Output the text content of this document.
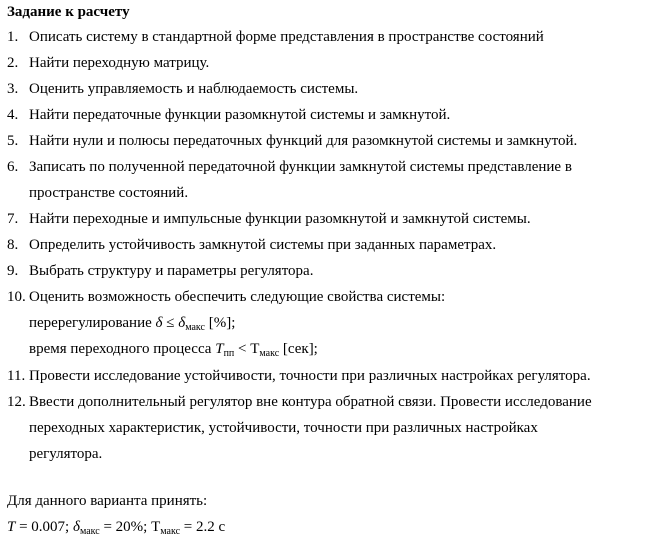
Задание к расчету
1. Описать систему в стандартной форме представления в пространстве состояний
2. Найти переходную матрицу.
3. Оценить управляемость и наблюдаемость системы.
4. Найти передаточные функции разомкнутой системы и замкнутой.
5. Найти нули и полюсы передаточных функций для разомкнутой системы и замкнутой.
6. Записать по полученной передаточной функции замкнутой системы представление в
пространстве состояний.
7. Найти переходные и импульсные функции разомкнутой и замкнутой системы.
8. Определить устойчивость замкнутой системы при заданных параметрах.
9. Выбрать структуру и параметры регулятора.
10. Оценить возможность обеспечить следующие свойства системы:
перерегулирование $\delta \le \delta_{макс}$ [%];
время переходного процесса $T_{пп} < T_{макс}$ [сек];
11. Провести исследование устойчивости, точности при различных настройках регулятора.
12. Ввести дополнительный регулятор вне контура обратной связи. Провести исследование
переходных характеристик, устойчивости, точности при различных настройках
регулятора.
Для данного варианта принять:
T = 0.007; $\delta_{макс} = 20\%$; $T_{макс} = 2.2$ с
